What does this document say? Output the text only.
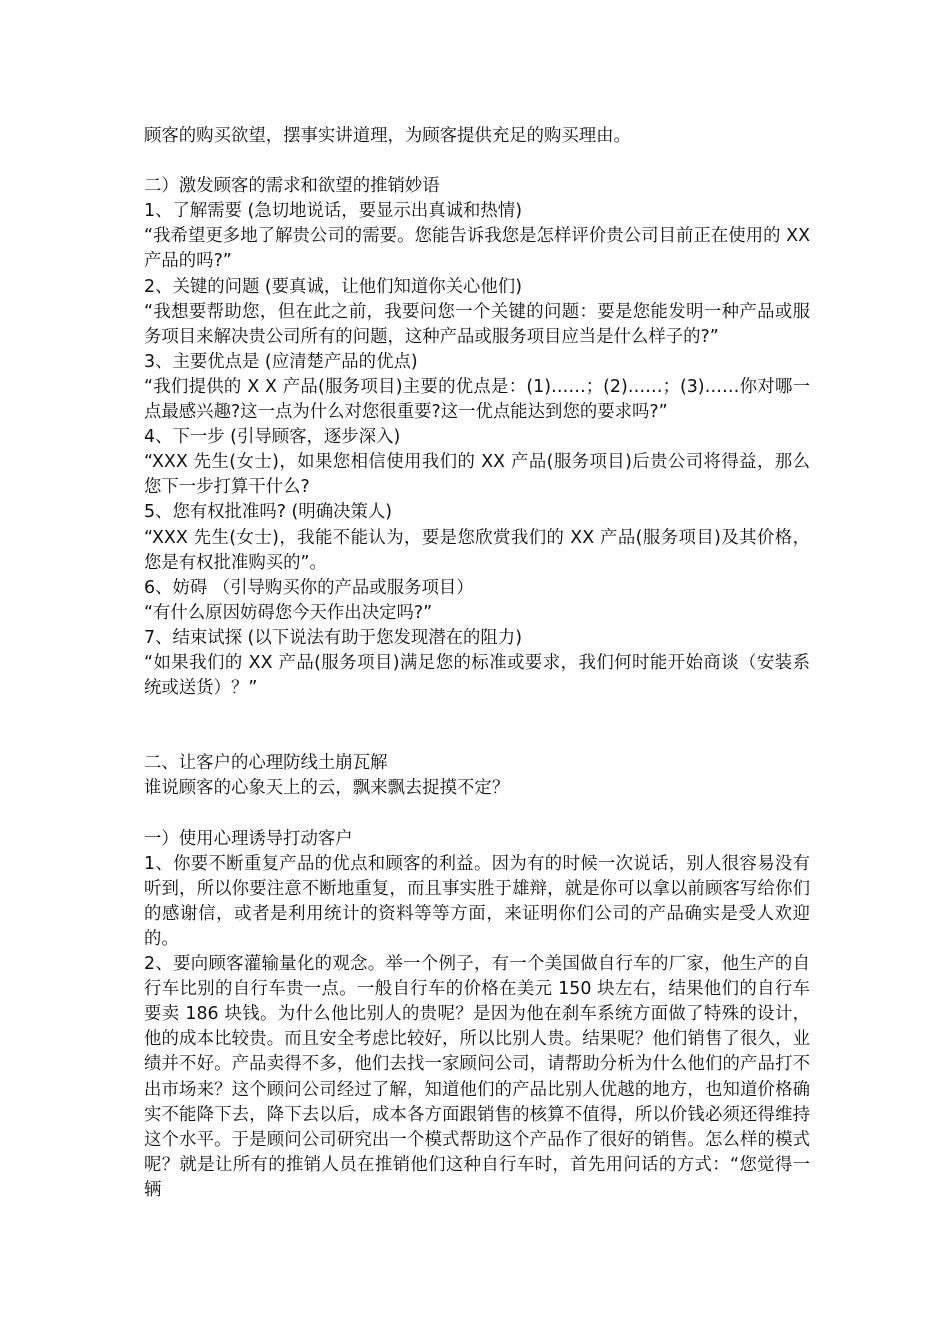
顾客的购买欲望，摆事实讲道理，为顾客提供充足的购买理由。

二）激发顾客的需求和欲望的推销妙语

1、了解需要 (急切地说话，要显示出真诚和热情)

“我希望更多地了解贵公司的需要。您能告诉我您是怎样评价贵公司目前正在使用的 XX 产品的吗?”

2、关键的问题 (要真诚，让他们知道你关心他们)

“我想要帮助您，但在此之前，我要问您一个关键的问题：要是您能发明一种产品或服务项目来解决贵公司所有的问题，这种产品或服务项目应当是什么样子的?”

3、主要优点是 (应清楚产品的优点)

“我们提供的 X X 产品(服务项目)主要的优点是：(1)……；(2)……；(3)……你对哪一点最感兴趣?这一点为什么对您很重要?这一优点能达到您的要求吗?”

4、下一步 (引导顾客，逐步深入)

“XXX 先生(女士)，如果您相信使用我们的 XX 产品(服务项目)后贵公司将得益，那么您下一步打算干什么?

5、您有权批准吗? (明确决策人)

“XXX 先生(女士)，我能不能认为，要是您欣赏我们的 XX 产品(服务项目)及其价格，您是有权批准购买的”。

6、妨碍 （引导购买你的产品或服务项目）

“有什么原因妨碍您今天作出决定吗?”

7、结束试探 (以下说法有助于您发现潜在的阻力)

“如果我们的 XX 产品(服务项目)满足您的标准或要求，我们何时能开始商谈（安装系统或送货）？”

二、让客户的心理防线土崩瓦解

谁说顾客的心象天上的云，飘来飘去捉摸不定？

一）使用心理诱导打动客户

1、你要不断重复产品的优点和顾客的利益。因为有的时候一次说话，别人很容易没有听到，所以你要注意不断地重复，而且事实胜于雄辩，就是你可以拿以前顾客写给你们的感谢信，或者是利用统计的资料等等方面，来证明你们公司的产品确实是受人欢迎的。

2、要向顾客灌输量化的观念。举一个例子，有一个美国做自行车的厂家，他生产的自行车比别的自行车贵一点。一般自行车的价格在美元 150 块左右，结果他们的自行车要卖 186 块钱。为什么他比别人的贵呢？是因为他在刹车系统方面做了特殊的设计，他的成本比较贵。而且安全考虑比较好，所以比别人贵。结果呢？他们销售了很久，业绩并不好。产品卖得不多，他们去找一家顾问公司，请帮助分析为什么他们的产品打不出市场来？这个顾问公司经过了解，知道他们的产品比别人优越的地方，也知道价格确实不能降下去，降下去以后，成本各方面跟销售的核算不值得，所以价钱必须还得维持这个水平。于是顾问公司研究出一个模式帮助这个产品作了很好的销售。怎么样的模式呢？就是让所有的推销人员在推销他们这种自行车时，首先用问话的方式：“您觉得一辆
